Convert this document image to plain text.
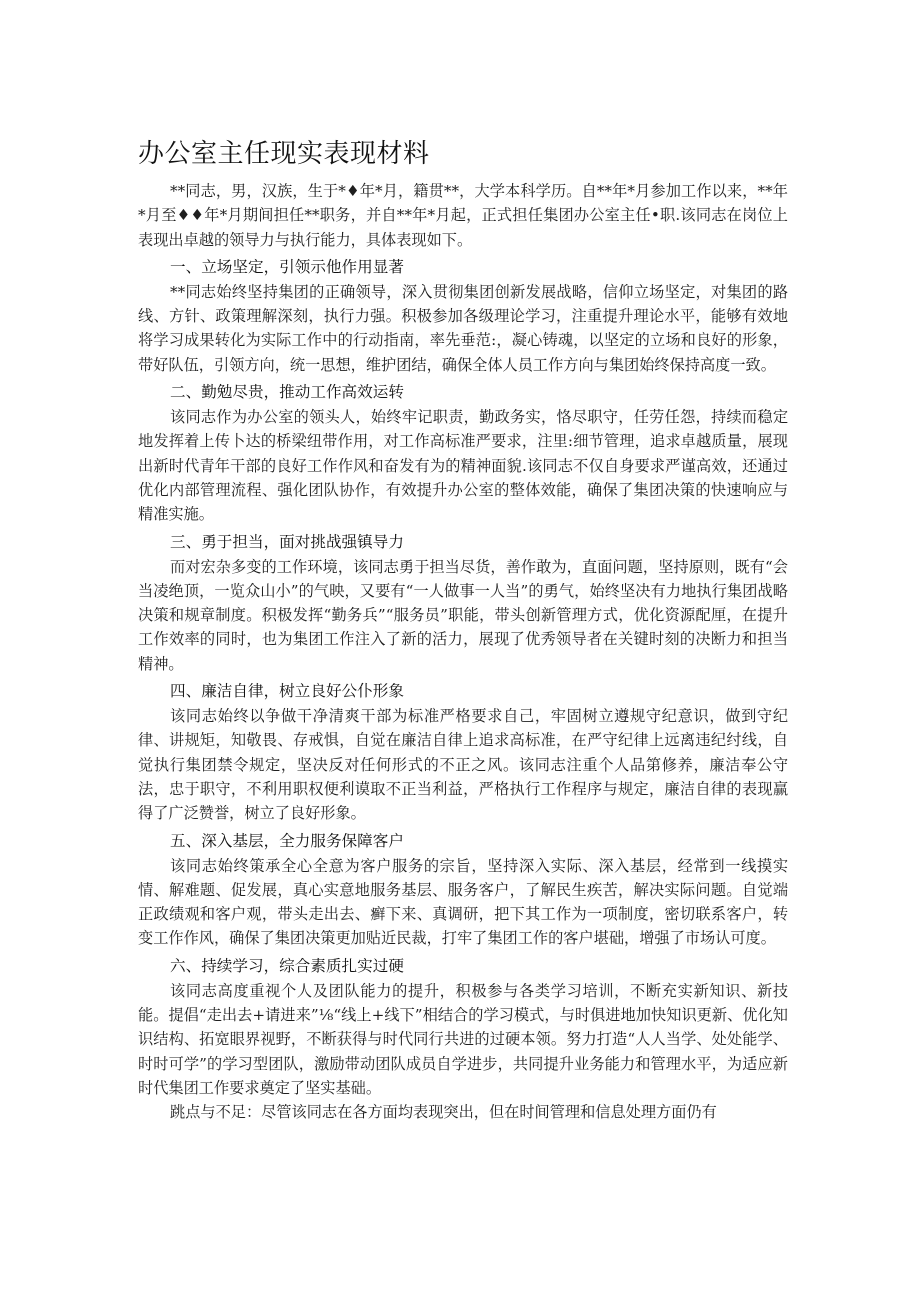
办公室主任现实表现材料

**同志，男，汉族，生于*♦年*月，籍贯**，大学本科学历。自**年*月参加工作以来，**年*月至♦♦年*月期间担任**职务，并自**年*月起，正式担任集团办公室主任•职.该同志在岗位上表现出卓越的领导力与执行能力，具体表现如下。

一、立场坚定，引领示他作用显著

**同志始终坚持集团的正确领导，深入贯彻集团创新发展战略，信仰立场坚定，对集团的路线、方针、政策理解深刻，执行力强。积极参加各级理论学习，注重提升理论水平，能够有效地将学习成果转化为实际工作中的行动指南，率先垂范:，凝心铸魂，以坚定的立场和良好的形象，带好队伍，引领方向，统一思想，维护团结，确保全体人员工作方向与集团始终保持高度一致。

二、勤勉尽贵，推动工作高效运转

该同志作为办公室的领头人，始终牢记职责，勤政务实，恪尽职守，任劳任怨，持续而稳定地发挥着上传卜达的桥梁纽带作用，对工作高标准严要求，注里:细节管理，追求卓越质量，展现出新时代青年干部的良好工作作风和奋发有为的精神面貌.该同志不仅自身要求严谨高效，还通过优化内部管理流程、强化团队协作，有效提升办公室的整体效能，确保了集团决策的快速响应与精准实施。

三、勇于担当，面对挑战强镇导力

而对宏杂多变的工作环境，该同志勇于担当尽货，善作敢为，直面问题，坚持原则，既有“会当凌绝顶，一览众山小”的气映，又要有“一人做事一人当”的勇气，始终坚决有力地执行集团战略决策和规章制度。积极发挥“勤务兵”“服务员”职能，带头创新管理方式，优化资源配厘，在提升工作效率的同时，也为集团工作注入了新的活力，展现了优秀领导者在关键时刻的决断力和担当精神。

四、廉洁自律，树立良好公仆形象

该同志始终以争做干净清爽干部为标准严格要求自己，牢固树立遵规守纪意识，做到守纪律、讲规矩，知敬畏、存戒惧，自觉在廉洁自律上追求高标准，在严守纪律上远离违纪纣线，自觉执行集团禁令规定，坚决反对任何形式的不正之风。该同志注重个人品第修养，廉洁奉公守法，忠于职守，不利用职权便利谟取不正当利益，严格执行工作程序与规定，廉洁自律的表现赢得了广泛赞誉，树立了良好形象。

五、深入基层，全力服务保障客户

该同志始终策承全心全意为客户服务的宗旨，坚持深入实际、深入基层，经常到一线摸实情、解难题、促发展，真心实意地服务基层、服务客户，了解民生疾苦，解决实际问题。自觉端正政绩观和客户观，带头走出去、癣下来、真调研，把下其工作为一项制度，密切联系客户，转变工作作风，确保了集团决策更加贴近民裁，打牢了集团工作的客户堪础，增强了市场认可度。

六、持续学习，综合素质扎实过硬

该同志高度重视个人及团队能力的提升，积极参与各类学习培训，不断充实新知识、新技能。提倡“走出去+请进来”⅛“线上+线下”相结合的学习模式，与时俱进地加快知识更新、优化知识结构、拓宽眼界视野，不断获得与时代同行共进的过硬本领。努力打造“人人当学、处处能学、时时可学”的学习型团队，激励带动团队成员自学进步，共同提升业务能力和管理水平，为适应新时代集团工作要求奠定了坚实基础。

跳点与不足：尽管该同志在各方面均表现突出，但在时间管理和信息处理方面仍有
